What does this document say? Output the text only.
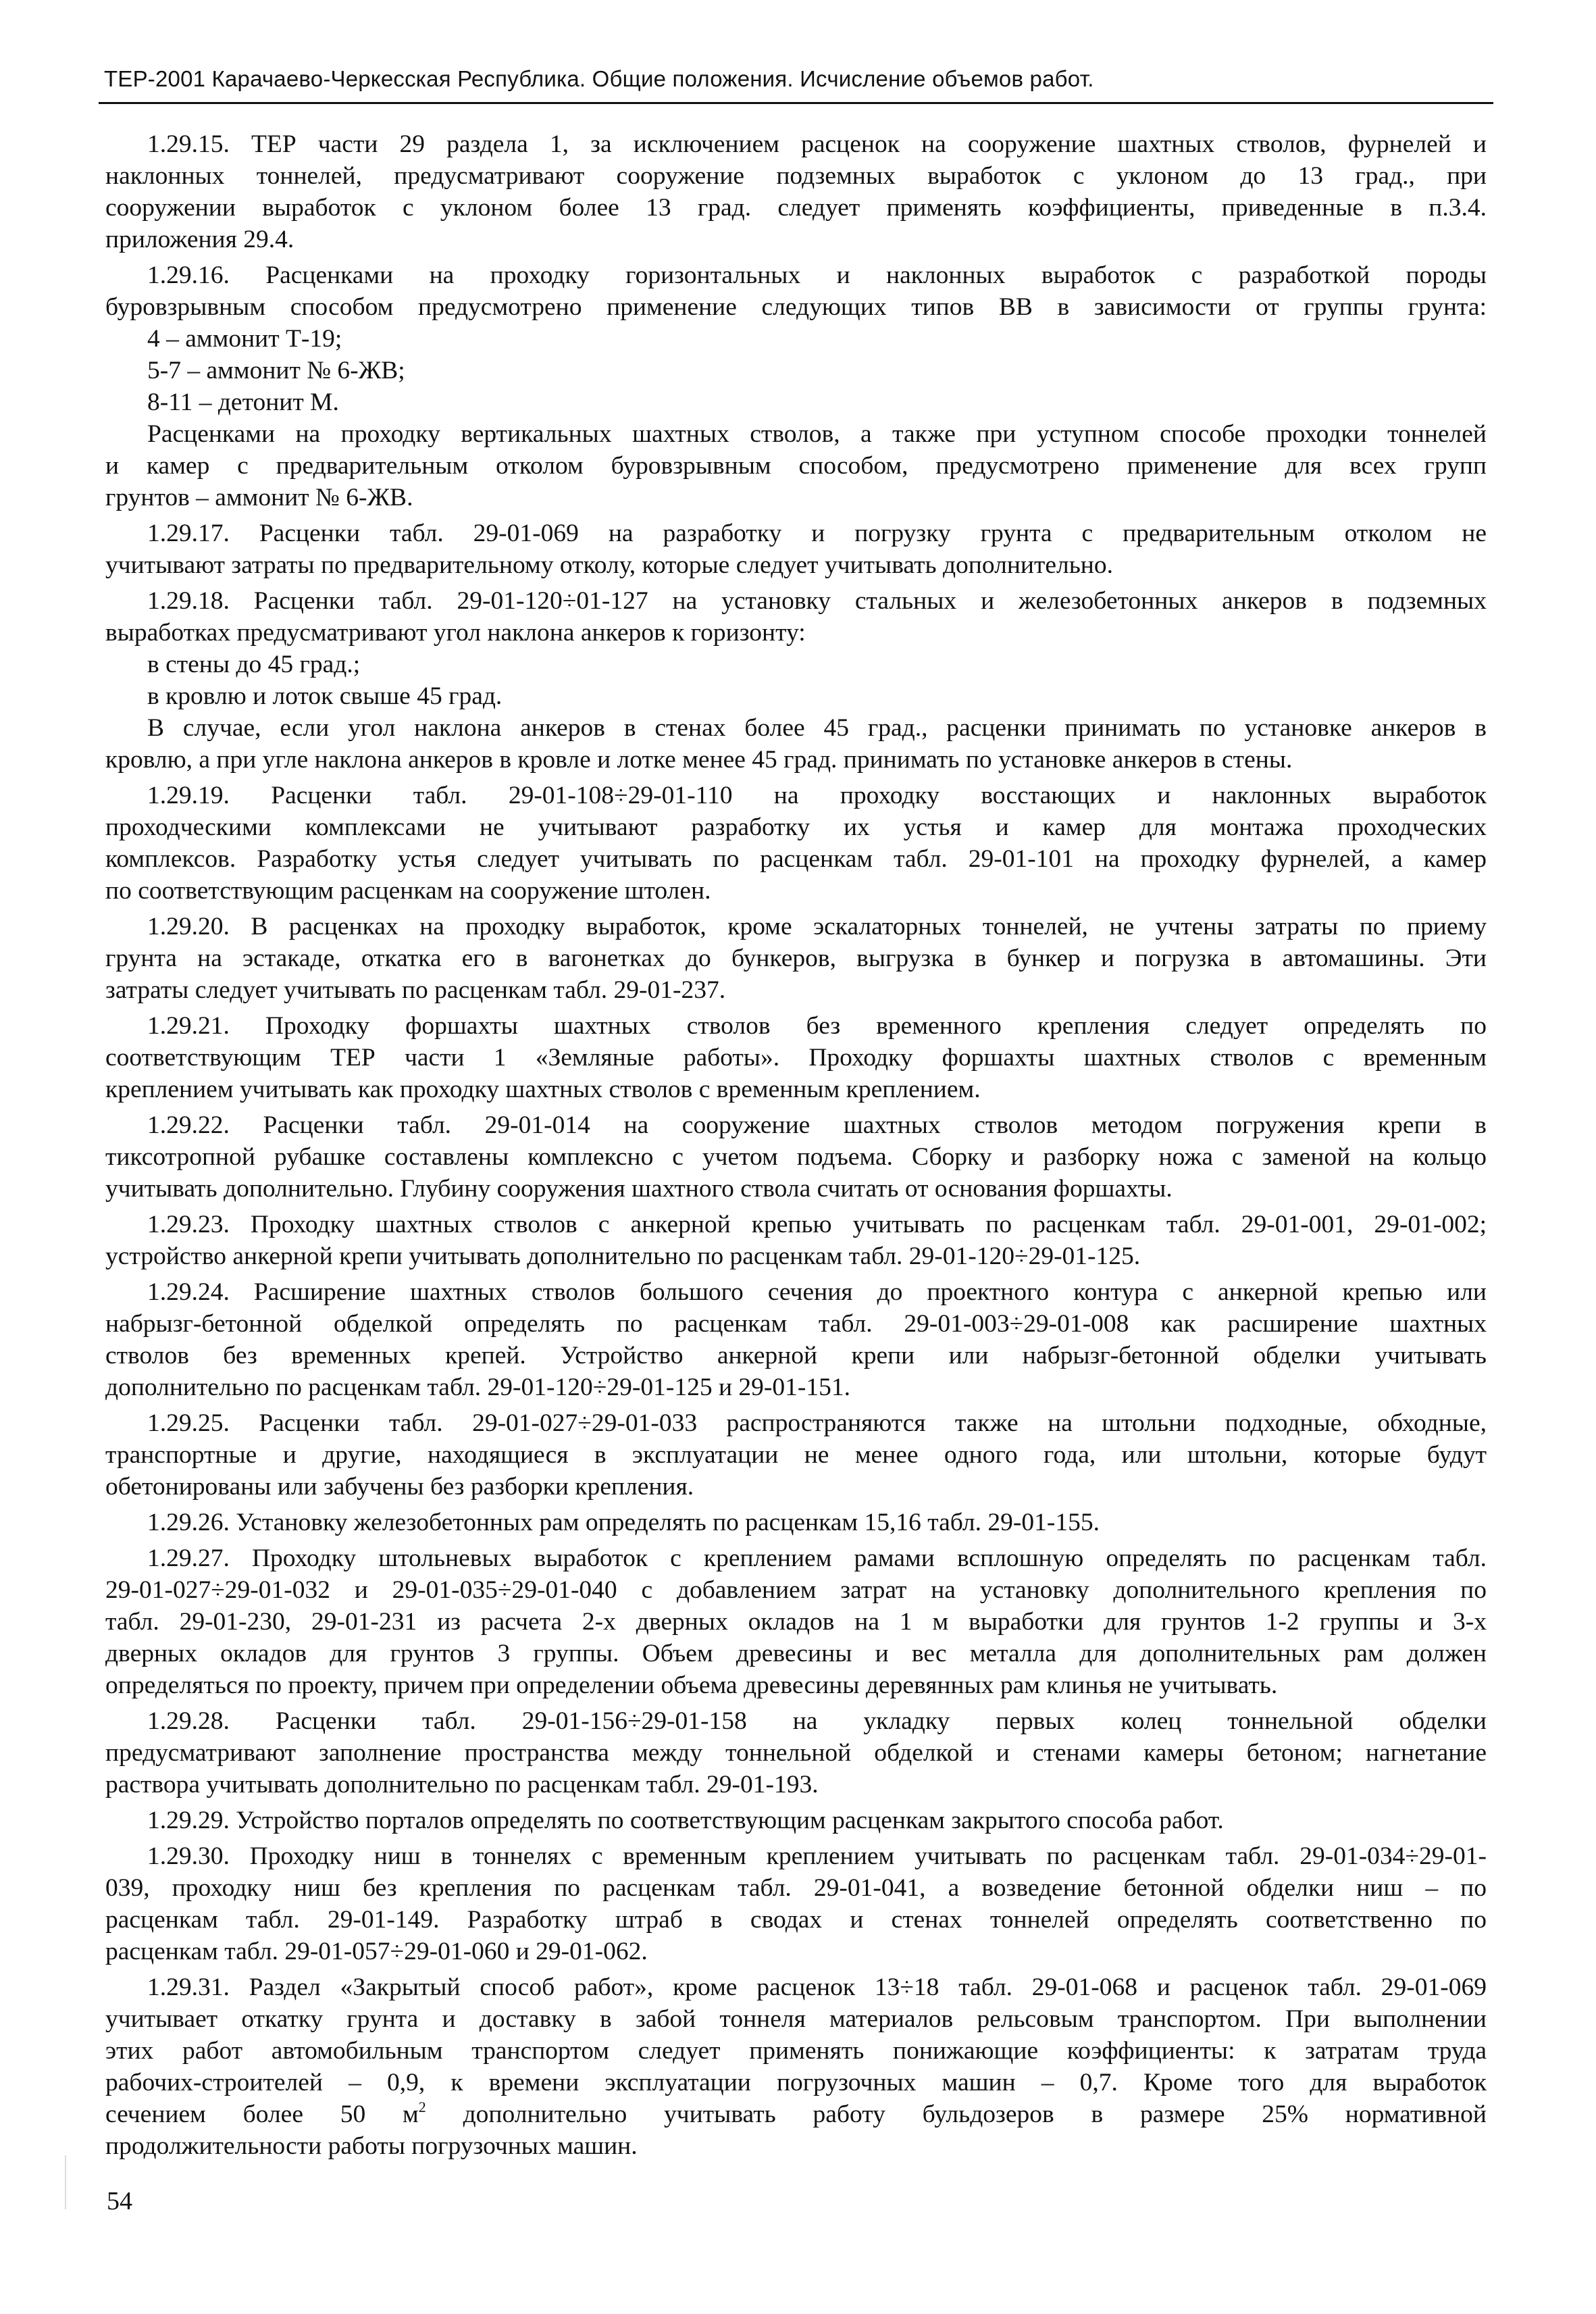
ТЕР-2001 Карачаево-Черкесская Республика. Общие положения. Исчисление объемов работ.
1.29.15. ТЕР части 29 раздела 1, за исключением расценок на сооружение шахтных стволов, фурнелей и
наклонных тоннелей, предусматривают сооружение подземных выработок с уклоном до 13 град., при
сооружении выработок с уклоном более 13 град. следует применять коэффициенты, приведенные в п.3.4.
приложения 29.4.
1.29.16. Расценками на проходку горизонтальных и наклонных выработок с разработкой породы
буровзрывным способом предусмотрено применение следующих типов ВВ в зависимости от группы грунта:
4 – аммонит Т-19;
5-7 – аммонит № 6-ЖВ;
8-11 – детонит М.
Расценками на проходку вертикальных шахтных стволов, а также при уступном способе проходки тоннелей
и камер с предварительным отколом буровзрывным способом, предусмотрено применение для всех групп
грунтов – аммонит № 6-ЖВ.
1.29.17. Расценки табл. 29-01-069 на разработку и погрузку грунта с предварительным отколом не
учитывают затраты по предварительному отколу, которые следует учитывать дополнительно.
1.29.18. Расценки табл. 29-01-120÷01-127 на установку стальных и железобетонных анкеров в подземных
выработках предусматривают угол наклона анкеров к горизонту:
в стены до 45 град.;
в кровлю и лоток свыше 45 град.
В случае, если угол наклона анкеров в стенах более 45 град., расценки принимать по установке анкеров в
кровлю, а при угле наклона анкеров в кровле и лотке менее 45 град. принимать по установке анкеров в стены.
1.29.19. Расценки табл. 29-01-108÷29-01-110 на проходку восстающих и наклонных выработок
проходческими комплексами не учитывают разработку их устья и камер для монтажа проходческих
комплексов. Разработку устья следует учитывать по расценкам табл. 29-01-101 на проходку фурнелей, а камер
по соответствующим расценкам на сооружение штолен.
1.29.20. В расценках на проходку выработок, кроме эскалаторных тоннелей, не учтены затраты по приему
грунта на эстакаде, откатка его в вагонетках до бункеров, выгрузка в бункер и погрузка в автомашины. Эти
затраты следует учитывать по расценкам табл. 29-01-237.
1.29.21. Проходку форшахты шахтных стволов без временного крепления следует определять по
соответствующим ТЕР части 1 «Земляные работы». Проходку форшахты шахтных стволов с временным
креплением учитывать как проходку шахтных стволов с временным креплением.
1.29.22. Расценки табл. 29-01-014 на сооружение шахтных стволов методом погружения крепи в
тиксотропной рубашке составлены комплексно с учетом подъема. Сборку и разборку ножа с заменой на кольцо
учитывать дополнительно. Глубину сооружения шахтного ствола считать от основания форшахты.
1.29.23. Проходку шахтных стволов с анкерной крепью учитывать по расценкам табл. 29-01-001, 29-01-002;
устройство анкерной крепи учитывать дополнительно по расценкам табл. 29-01-120÷29-01-125.
1.29.24. Расширение шахтных стволов большого сечения до проектного контура с анкерной крепью или
набрызг-бетонной обделкой определять по расценкам табл. 29-01-003÷29-01-008 как расширение шахтных
стволов без временных крепей. Устройство анкерной крепи или набрызг-бетонной обделки учитывать
дополнительно по расценкам табл. 29-01-120÷29-01-125 и 29-01-151.
1.29.25. Расценки табл. 29-01-027÷29-01-033 распространяются также на штольни подходные, обходные,
транспортные и другие, находящиеся в эксплуатации не менее одного года, или штольни, которые будут
обетонированы или забучены без разборки крепления.
1.29.26. Установку железобетонных рам определять по расценкам 15,16 табл. 29-01-155.
1.29.27. Проходку штольневых выработок с креплением рамами всплошную определять по расценкам табл.
29-01-027÷29-01-032 и 29-01-035÷29-01-040 с добавлением затрат на установку дополнительного крепления по
табл. 29-01-230, 29-01-231 из расчета 2-х дверных окладов на 1 м выработки для грунтов 1-2 группы и 3-х
дверных окладов для грунтов 3 группы. Объем древесины и вес металла для дополнительных рам должен
определяться по проекту, причем при определении объема древесины деревянных рам клинья не учитывать.
1.29.28. Расценки табл. 29-01-156÷29-01-158 на укладку первых колец тоннельной обделки
предусматривают заполнение пространства между тоннельной обделкой и стенами камеры бетоном; нагнетание
раствора учитывать дополнительно по расценкам табл. 29-01-193.
1.29.29. Устройство порталов определять по соответствующим расценкам закрытого способа работ.
1.29.30. Проходку ниш в тоннелях с временным креплением учитывать по расценкам табл. 29-01-034÷29-01-
039, проходку ниш без крепления по расценкам табл. 29-01-041, а возведение бетонной обделки ниш – по
расценкам табл. 29-01-149. Разработку штраб в сводах и стенах тоннелей определять соответственно по
расценкам табл. 29-01-057÷29-01-060 и 29-01-062.
1.29.31. Раздел «Закрытый способ работ», кроме расценок 13÷18 табл. 29-01-068 и расценок табл. 29-01-069
учитывает откатку грунта и доставку в забой тоннеля материалов рельсовым транспортом. При выполнении
этих работ автомобильным транспортом следует применять понижающие коэффициенты: к затратам труда
рабочих-строителей – 0,9, к времени эксплуатации погрузочных машин – 0,7. Кроме того для выработок
сечением более 50 $м^2$ дополнительно учитывать работу бульдозеров в размере 25% нормативной
продолжительности работы погрузочных машин.
54
